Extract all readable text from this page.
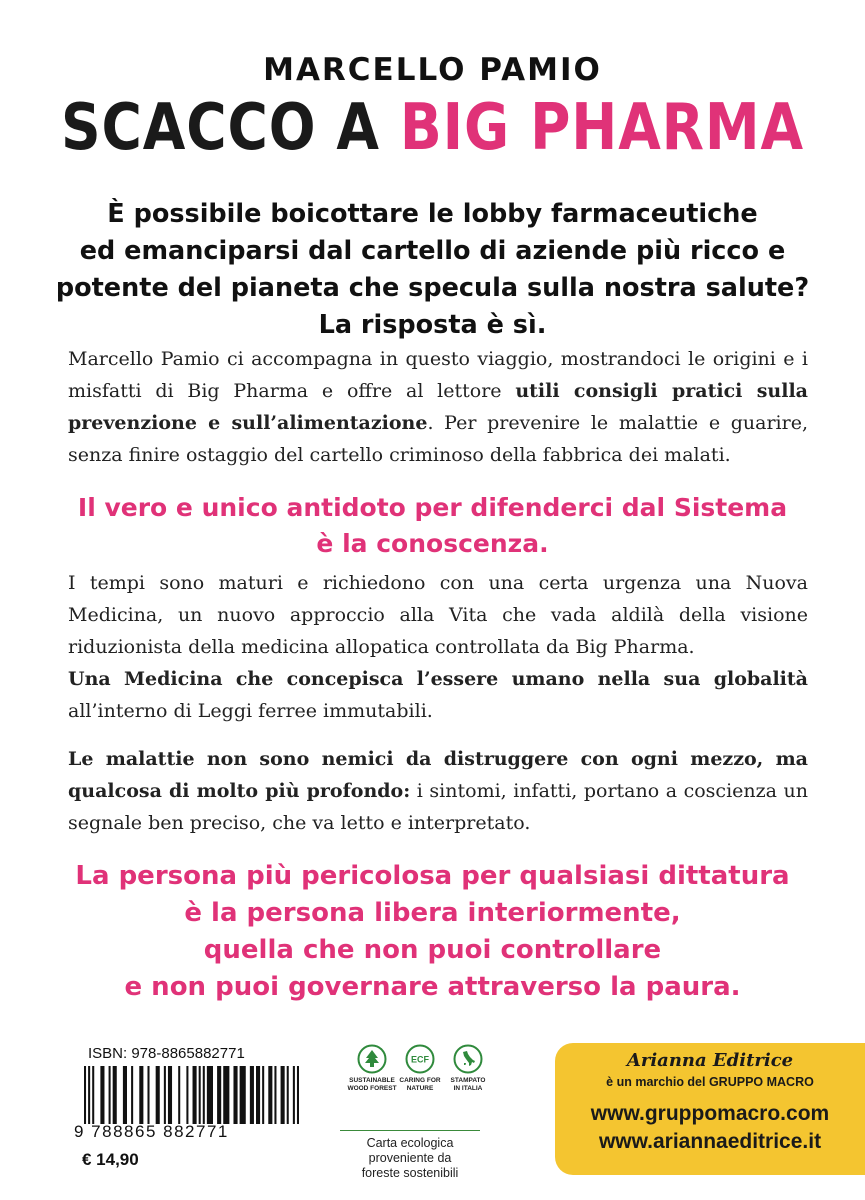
MARCELLO PAMIO
SCACCO A BIG PHARMA
È possibile boicottare le lobby farmaceutiche
ed emanciparsi dal cartello di aziende più ricco e
potente del pianeta che specula sulla nostra salute?
La risposta è sì.

Marcello Pamio ci accompagna in questo viaggio, mostrandoci le origini e i misfatti di Big Pharma e offre al lettore utili consigli pratici sulla prevenzione e sull’alimentazione. Per prevenire le malattie e guarire, senza finire ostaggio del cartello criminoso della fabbrica dei malati.

Il vero e unico antidoto per difenderci dal Sistema
è la conoscenza.

I tempi sono maturi e richiedono con una certa urgenza una Nuova Medicina, un nuovo approccio alla Vita che vada aldilà della visione riduzionista della medicina allopatica controllata da Big Pharma.
Una Medicina che concepisca l’essere umano nella sua globalità all’interno di Leggi ferree immutabili.

Le malattie non sono nemici da distruggere con ogni mezzo, ma qualcosa di molto più profondo: i sintomi, infatti, portano a coscienza un segnale ben preciso, che va letto e interpretato.

La persona più pericolosa per qualsiasi dittatura
è la persona libera interiormente,
quella che non puoi controllare
e non puoi governare attraverso la paura.
ISBN: 978-8865882771
9 788865 882771
€ 14,90
SUSTAINABLE
WOOD FOREST
ECF
CARING FOR
NATURE
STAMPATO
IN ITALIA
Carta ecologica
proveniente da
foreste sostenibili
Arianna Editrice
è un marchio del GRUPPO MACRO
www.gruppomacro.com
www.ariannaeditrice.it
